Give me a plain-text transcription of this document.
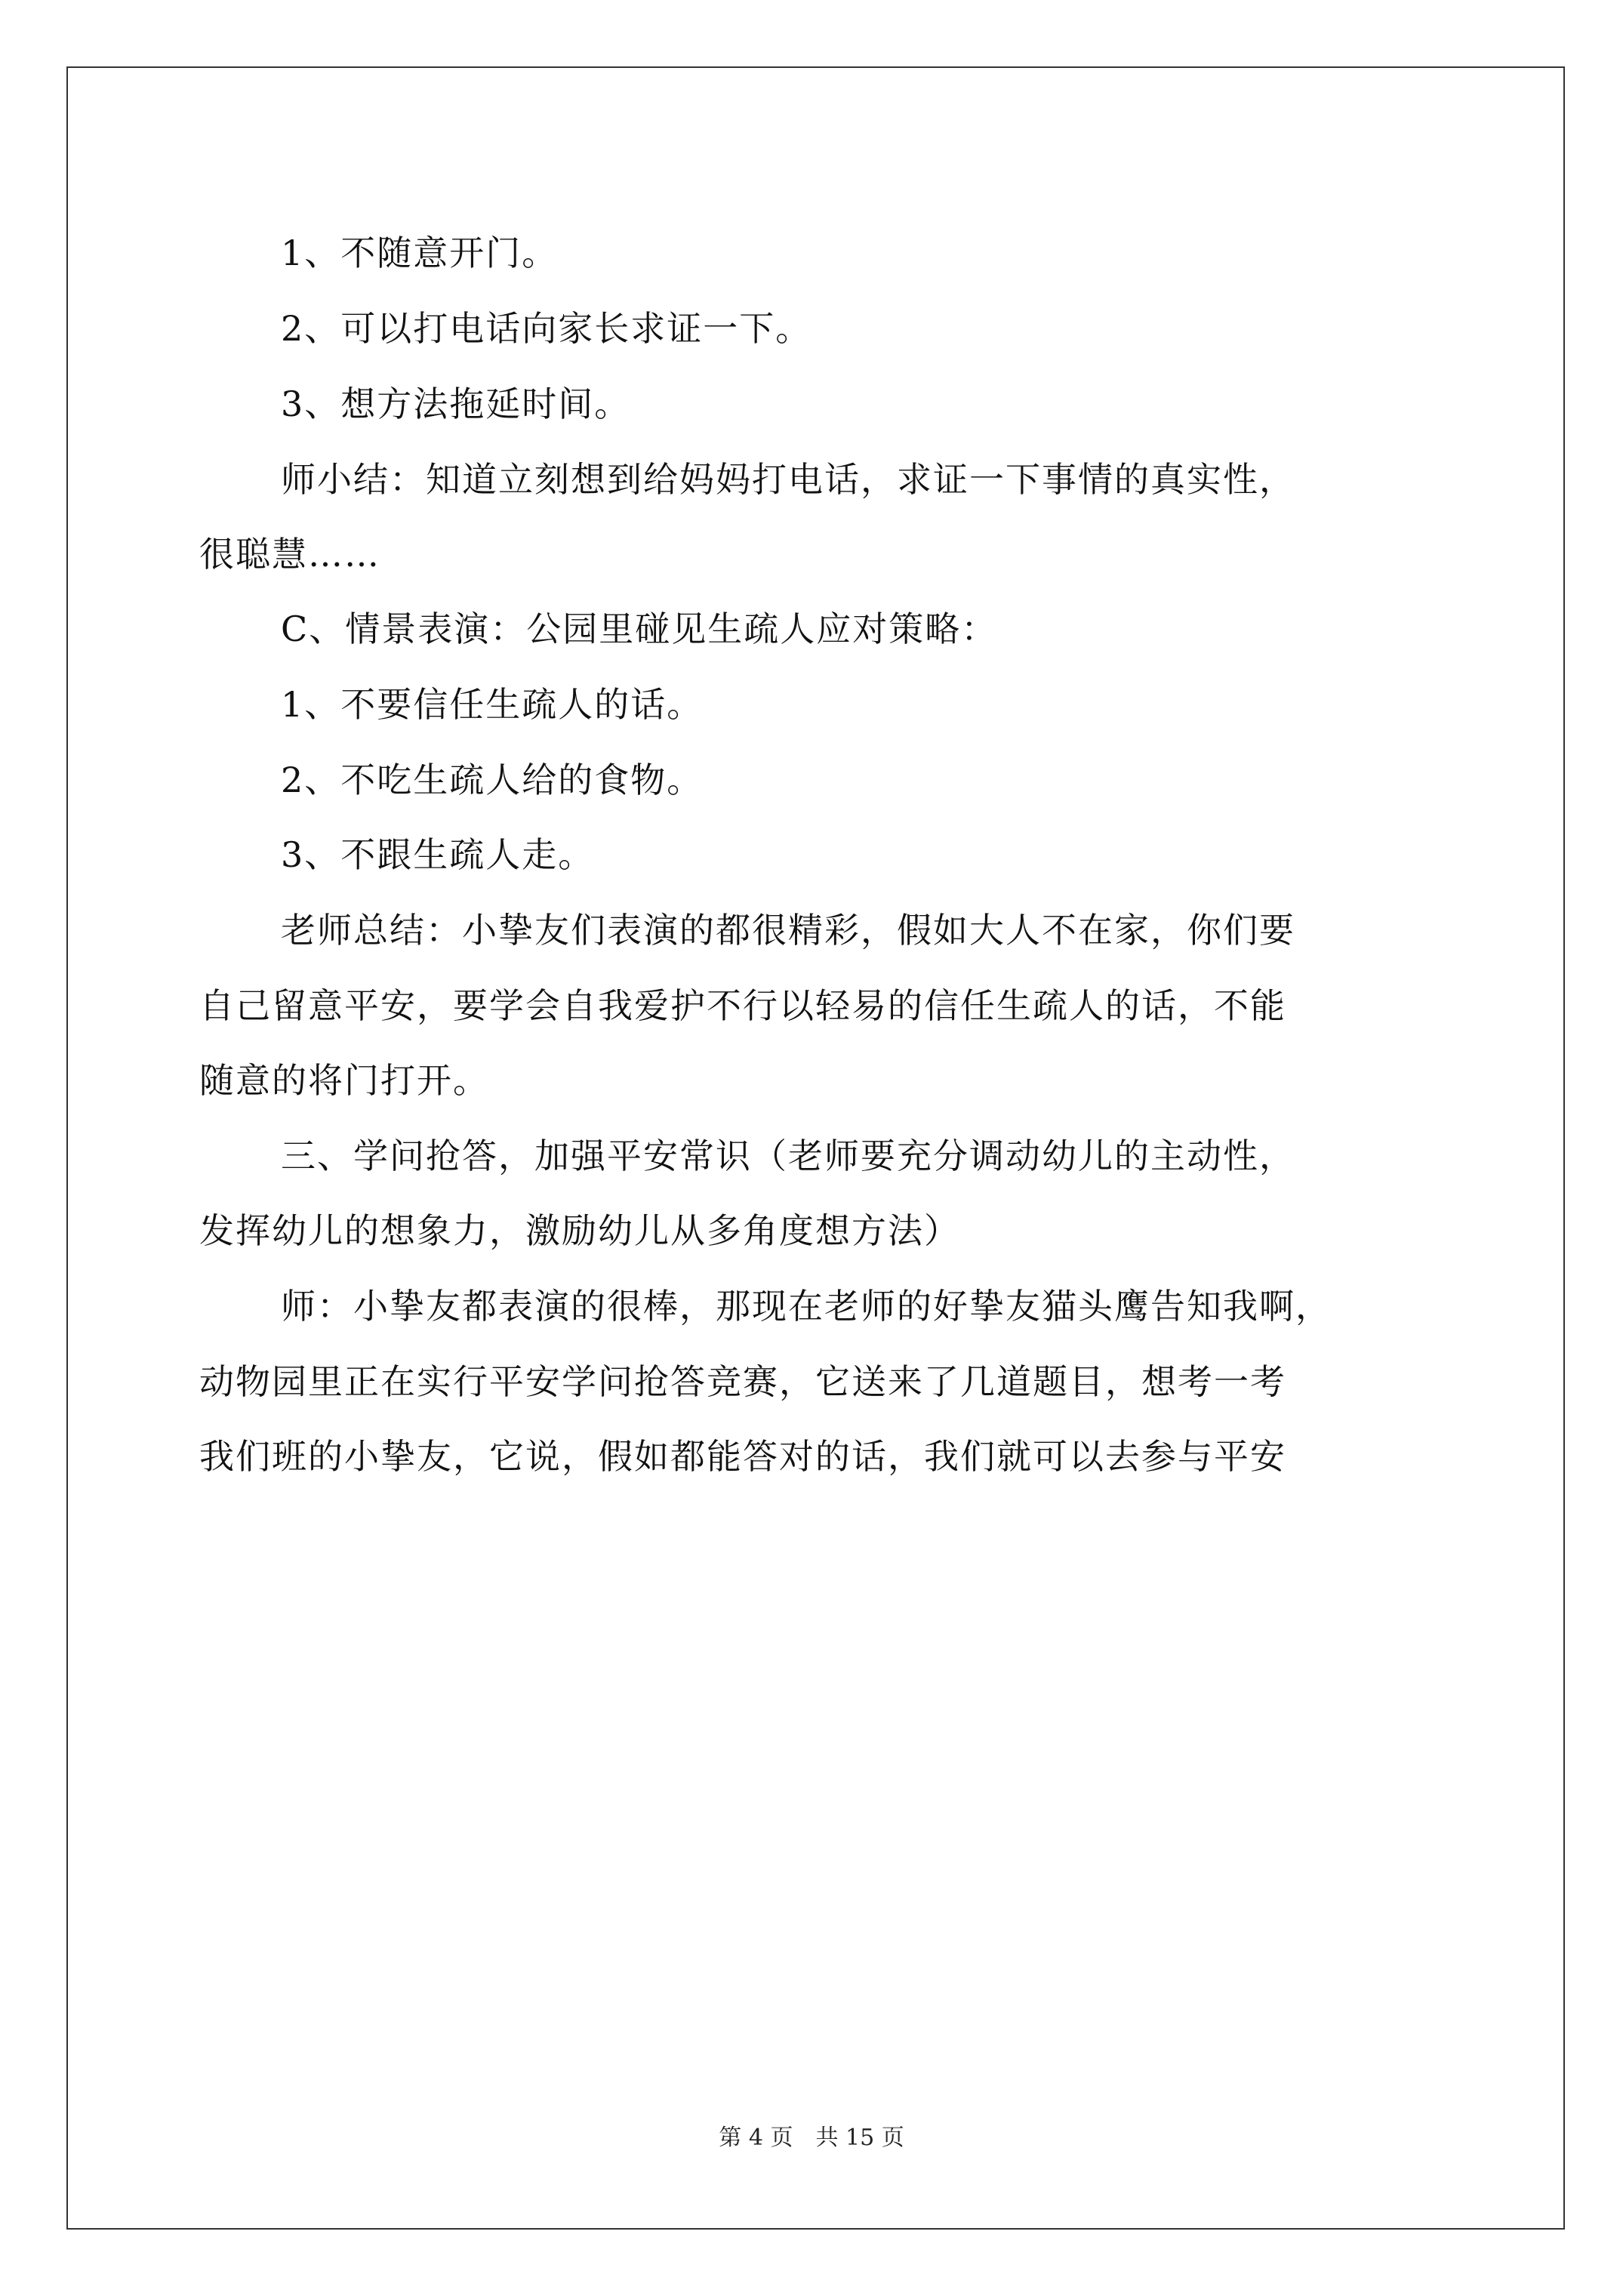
1、不随意开门。
2、可以打电话向家长求证一下。
3、想方法拖延时间。
师小结：知道立刻想到给妈妈打电话，求证一下事情的真实性，
很聪慧……
C、情景表演：公园里碰见生疏人应对策略：
1、不要信任生疏人的话。
2、不吃生疏人给的食物。
3、不跟生疏人走。
老师总结：小挚友们表演的都很精彩，假如大人不在家，你们要
自己留意平安，要学会自我爱护不行以轻易的信任生疏人的话，不能
随意的将门打开。
三、学问抢答，加强平安常识（老师要充分调动幼儿的主动性，
发挥幼儿的想象力，激励幼儿从多角度想方法）
师：小挚友都表演的很棒，那现在老师的好挚友猫头鹰告知我啊，
动物园里正在实行平安学问抢答竞赛，它送来了几道题目，想考一考
我们班的小挚友，它说，假如都能答对的话，我们就可以去参与平安
第 4 页　共 15 页
